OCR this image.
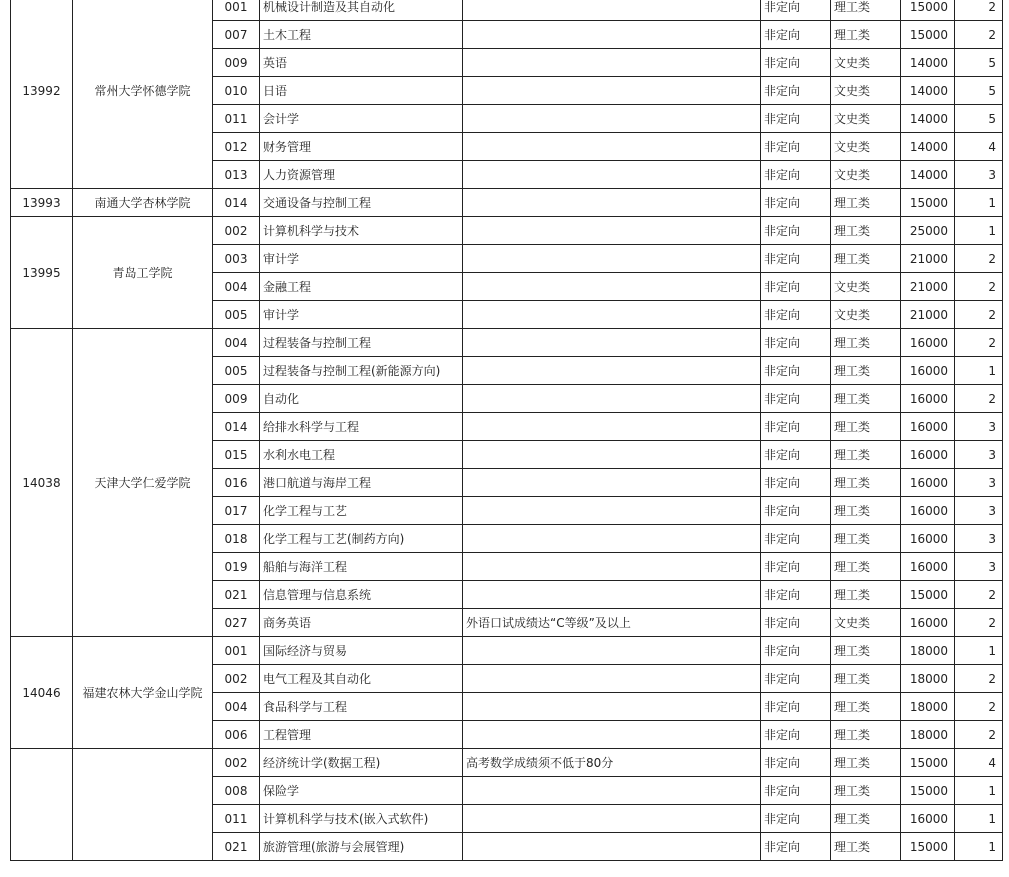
13992	常州大学怀德学院	001	机械设计制造及其自动化		非定向	理工类	15000	2
		007	土木工程		非定向	理工类	15000	2
		009	英语		非定向	文史类	14000	5
		010	日语		非定向	文史类	14000	5
		011	会计学		非定向	文史类	14000	5
		012	财务管理		非定向	文史类	14000	4
		013	人力资源管理		非定向	文史类	14000	3
13993	南通大学杏林学院	014	交通设备与控制工程		非定向	理工类	15000	1
13995	青岛工学院	002	计算机科学与技术		非定向	理工类	25000	1
		003	审计学		非定向	理工类	21000	2
		004	金融工程		非定向	文史类	21000	2
		005	审计学		非定向	文史类	21000	2
14038	天津大学仁爱学院	004	过程装备与控制工程		非定向	理工类	16000	2
		005	过程装备与控制工程(新能源方向)		非定向	理工类	16000	1
		009	自动化		非定向	理工类	16000	2
		014	给排水科学与工程		非定向	理工类	16000	3
		015	水利水电工程		非定向	理工类	16000	3
		016	港口航道与海岸工程		非定向	理工类	16000	3
		017	化学工程与工艺		非定向	理工类	16000	3
		018	化学工程与工艺(制药方向)		非定向	理工类	16000	3
		019	船舶与海洋工程		非定向	理工类	16000	3
		021	信息管理与信息系统		非定向	理工类	15000	2
		027	商务英语	外语口试成绩达“C等级”及以上	非定向	文史类	16000	2
14046	福建农林大学金山学院	001	国际经济与贸易		非定向	理工类	18000	1
		002	电气工程及其自动化		非定向	理工类	18000	2
		004	食品科学与工程		非定向	理工类	18000	2
		006	工程管理		非定向	理工类	18000	2
		002	经济统计学(数据工程)	高考数学成绩须不低于80分	非定向	理工类	15000	4
		008	保险学		非定向	理工类	15000	1
		011	计算机科学与技术(嵌入式软件)		非定向	理工类	16000	1
		021	旅游管理(旅游与会展管理)		非定向	理工类	15000	1
